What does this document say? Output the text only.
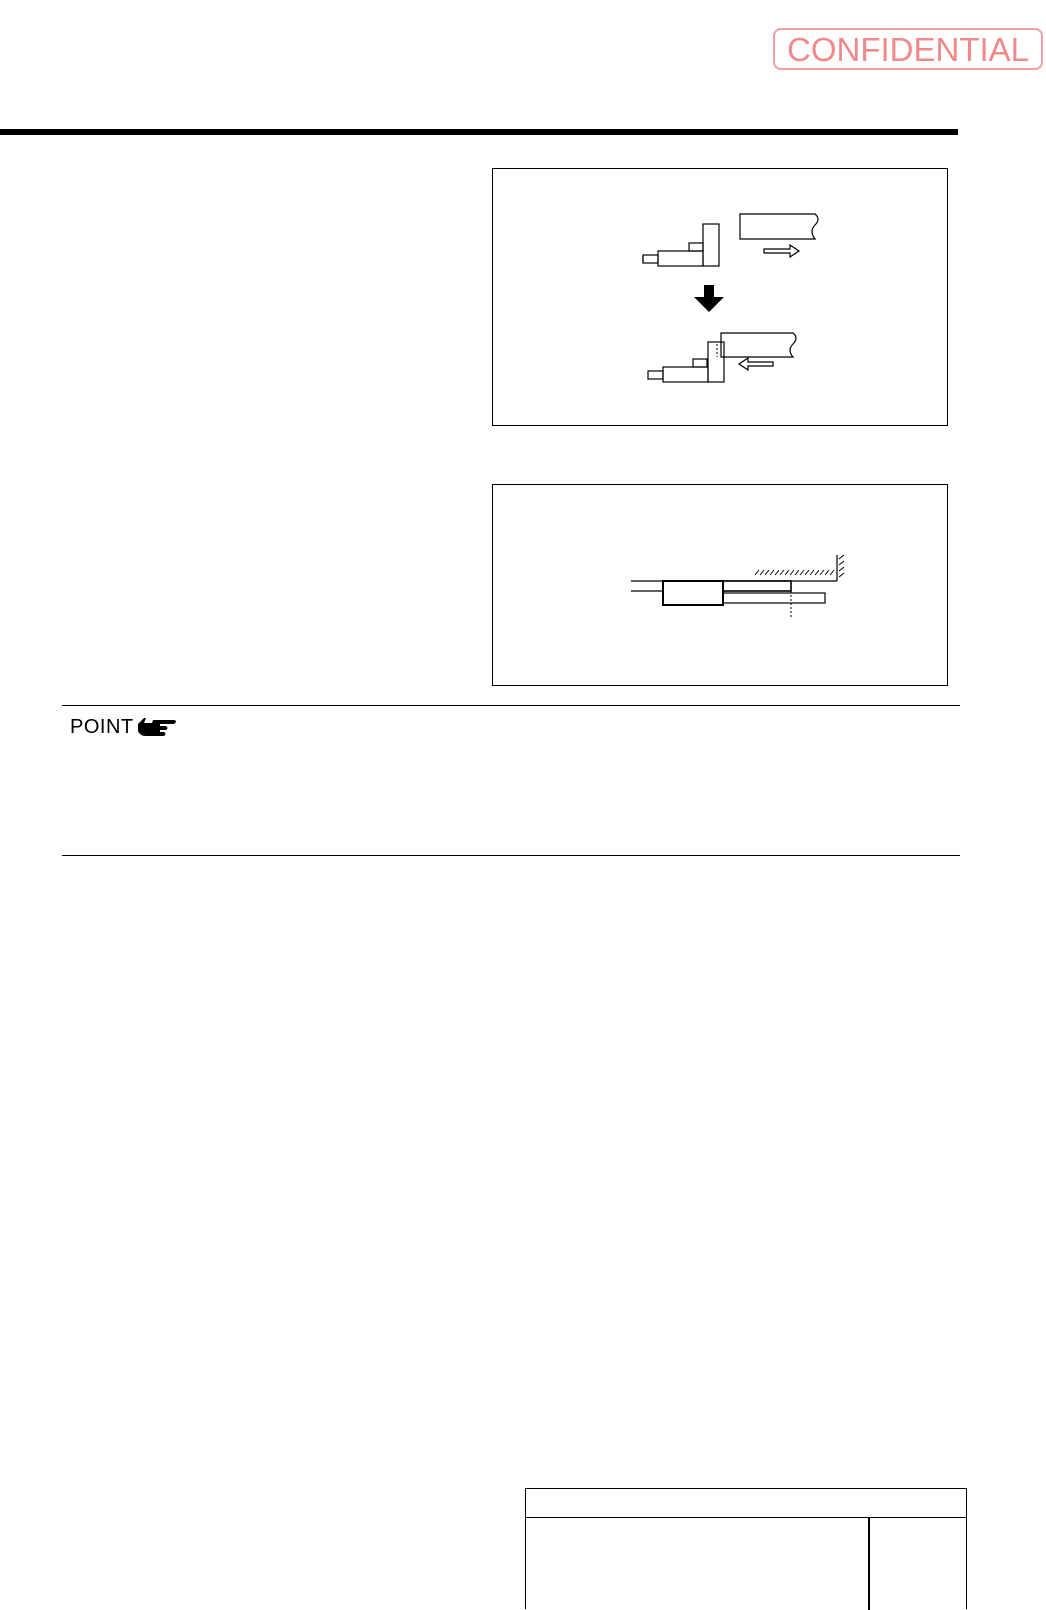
CONFIDENTIAL
POINT
